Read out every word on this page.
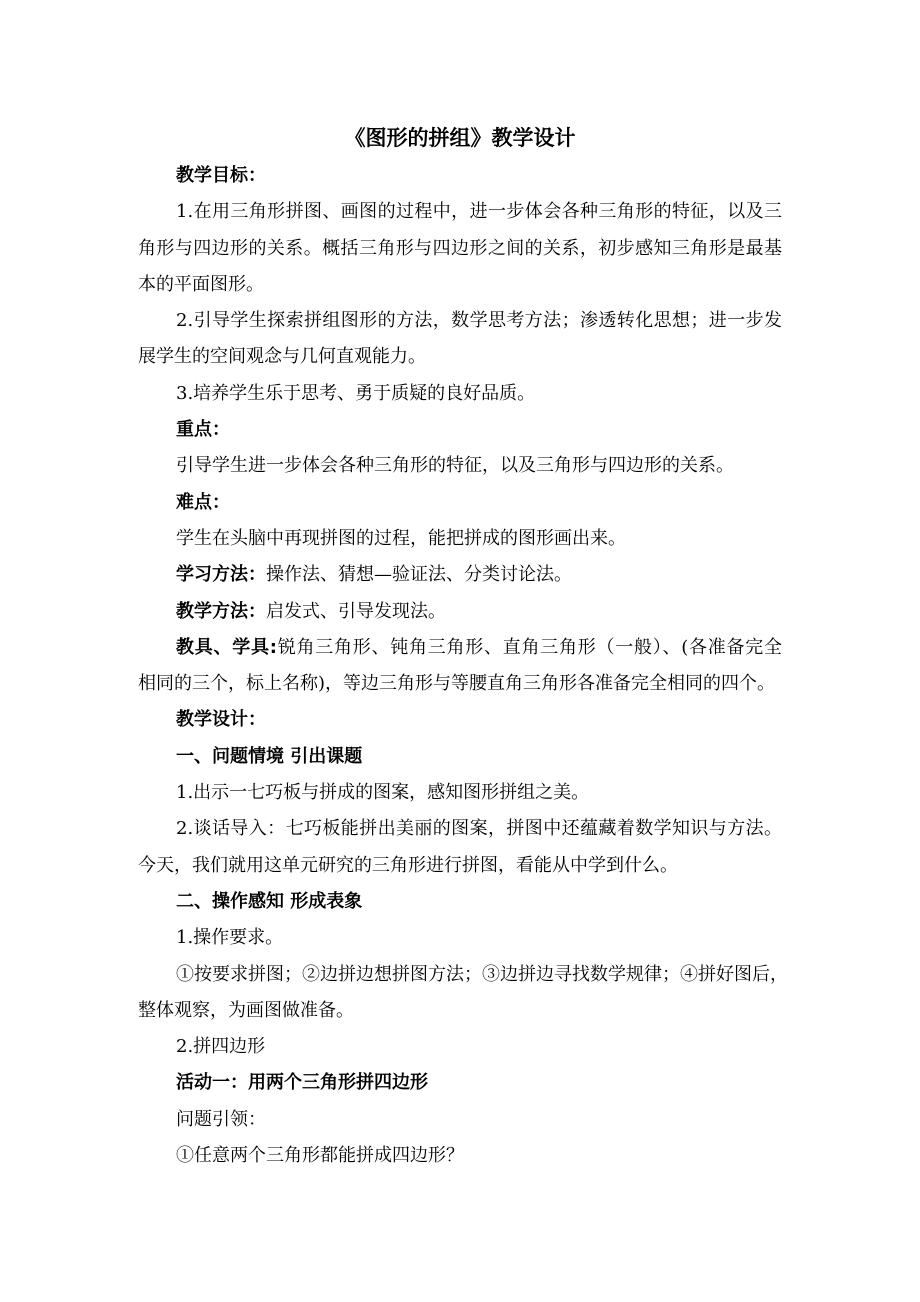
《图形的拼组》教学设计
教学目标：
1.在用三角形拼图、画图的过程中，进一步体会各种三角形的特征，以及三
角形与四边形的关系。概括三角形与四边形之间的关系，初步感知三角形是最基
本的平面图形。
2.引导学生探索拼组图形的方法，数学思考方法；渗透转化思想；进一步发
展学生的空间观念与几何直观能力。
3.培养学生乐于思考、勇于质疑的良好品质。
重点：
引导学生进一步体会各种三角形的特征，以及三角形与四边形的关系。
难点：
学生在头脑中再现拼图的过程，能把拼成的图形画出来。
学习方法：操作法、猜想—验证法、分类讨论法。
教学方法：启发式、引导发现法。
教具、学具:锐角三角形、钝角三角形、直角三角形（一般）、(各准备完全
相同的三个，标上名称)，等边三角形与等腰直角三角形各准备完全相同的四个。
教学设计：
一、问题情境 引出课题
1.出示一七巧板与拼成的图案，感知图形拼组之美。
2.谈话导入：七巧板能拼出美丽的图案，拼图中还蕴藏着数学知识与方法。
今天，我们就用这单元研究的三角形进行拼图，看能从中学到什么。
二、操作感知 形成表象
1.操作要求。
①按要求拼图；②边拼边想拼图方法；③边拼边寻找数学规律；④拼好图后，
整体观察，为画图做准备。
2.拼四边形
活动一：用两个三角形拼四边形
问题引领：
①任意两个三角形都能拼成四边形？
